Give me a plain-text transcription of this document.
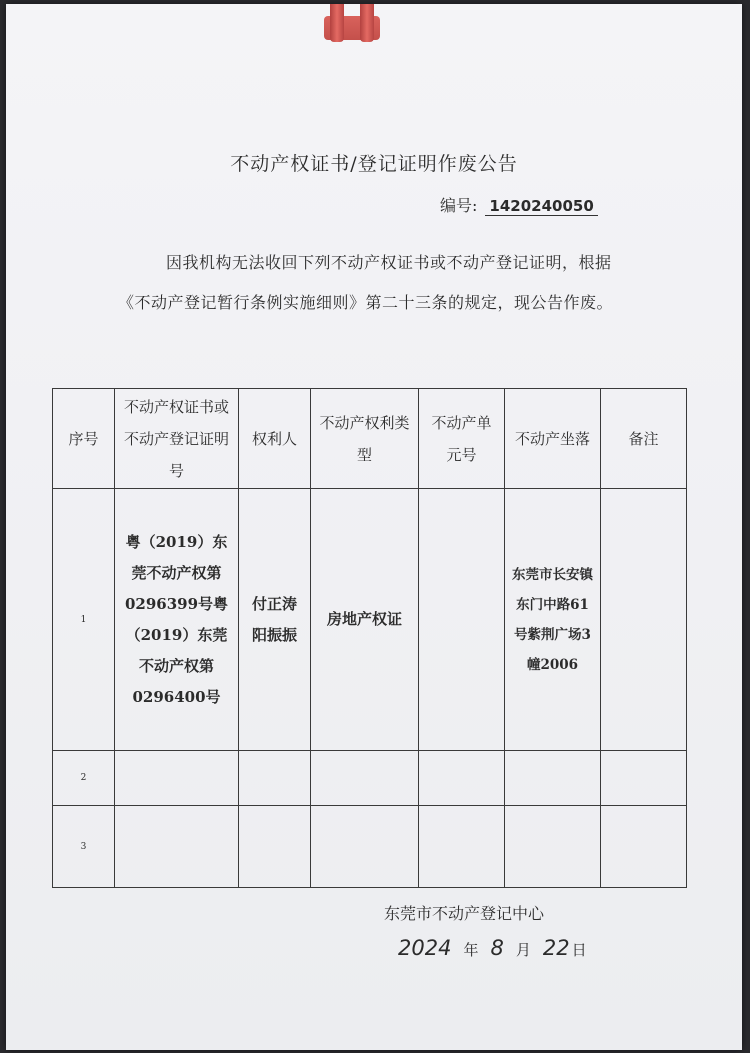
不动产权证书/登记证明作废公告
编号: 1420240050
因我机构无法收回下列不动产权证书或不动产登记证明，根据
《不动产登记暂行条例实施细则》第二十三条的规定，现公告作废。
序号	不动产权证书或不动产登记证明号	权利人	不动产权利类型	不动产单元号	不动产坐落	备注
1	粤（2019）东莞不动产权第0296399号粤（2019）东莞不动产权第0296400号	付正涛阳振振	房地产权证		东莞市长安镇东门中路61号紫荆广场3幢2006	
2						
3						
东莞市不动产登记中心
2024 年 8 月 22 日
